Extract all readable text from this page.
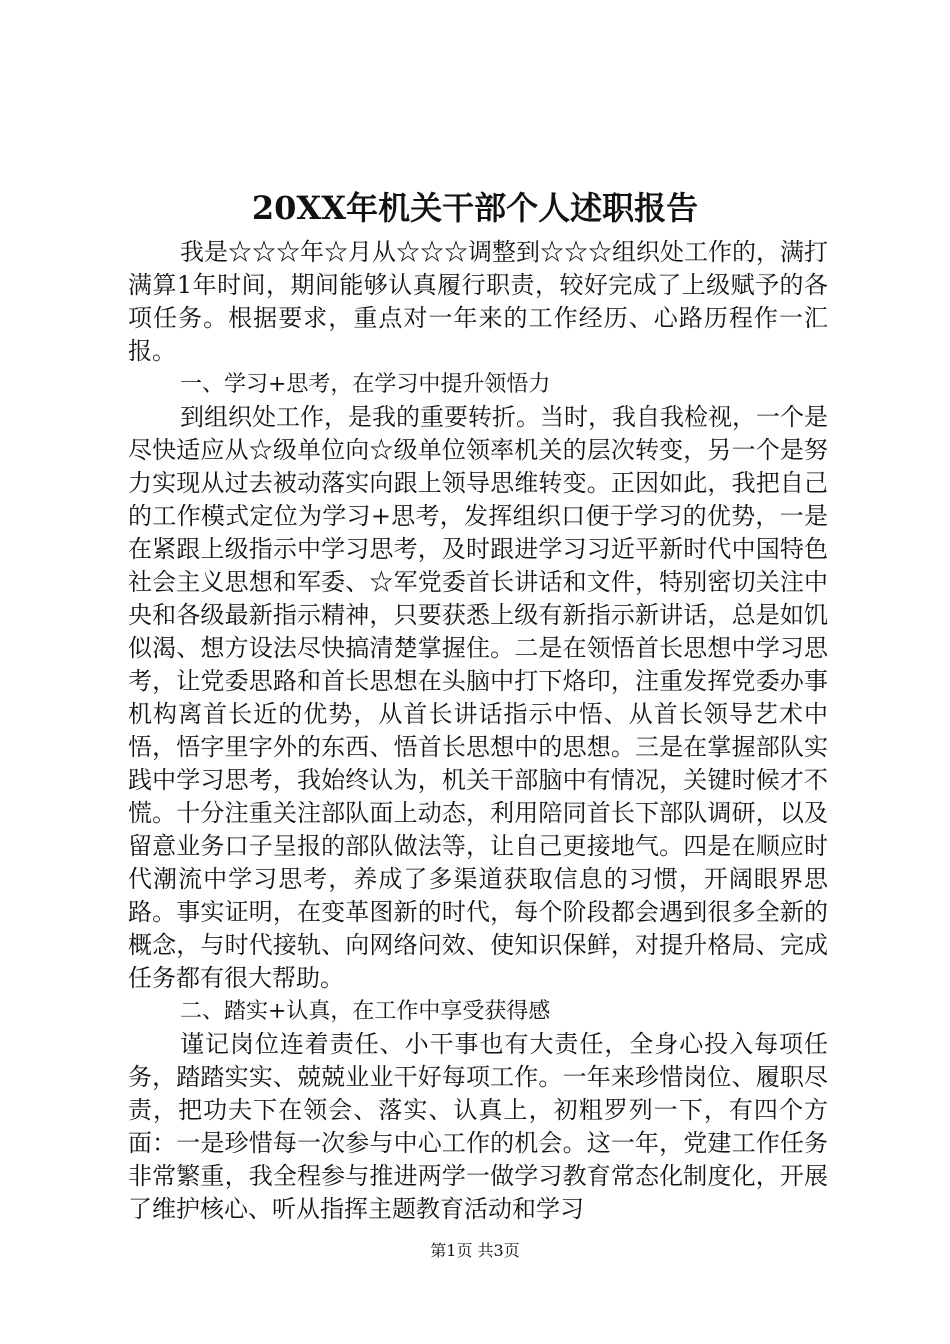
20XX年机关干部个人述职报告

我是☆☆☆年☆月从☆☆☆调整到☆☆☆组织处工作的，满打满算1年时间，期间能够认真履行职责，较好完成了上级赋予的各项任务。根据要求，重点对一年来的工作经历、心路历程作一汇报。

一、学习+思考，在学习中提升领悟力

到组织处工作，是我的重要转折。当时，我自我检视，一个是尽快适应从☆级单位向☆级单位领率机关的层次转变，另一个是努力实现从过去被动落实向跟上领导思维转变。正因如此，我把自己的工作模式定位为学习+思考，发挥组织口便于学习的优势，一是在紧跟上级指示中学习思考，及时跟进学习习近平新时代中国特色社会主义思想和军委、☆军党委首长讲话和文件，特别密切关注中央和各级最新指示精神，只要获悉上级有新指示新讲话，总是如饥似渴、想方设法尽快搞清楚掌握住。二是在领悟首长思想中学习思考，让党委思路和首长思想在头脑中打下烙印，注重发挥党委办事机构离首长近的优势，从首长讲话指示中悟、从首长领导艺术中悟，悟字里字外的东西、悟首长思想中的思想。三是在掌握部队实践中学习思考，我始终认为，机关干部脑中有情况，关键时候才不慌。十分注重关注部队面上动态，利用陪同首长下部队调研，以及留意业务口子呈报的部队做法等，让自己更接地气。四是在顺应时代潮流中学习思考，养成了多渠道获取信息的习惯，开阔眼界思路。事实证明，在变革图新的时代，每个阶段都会遇到很多全新的概念，与时代接轨、向网络问效、使知识保鲜，对提升格局、完成任务都有很大帮助。

二、踏实+认真，在工作中享受获得感

谨记岗位连着责任、小干事也有大责任，全身心投入每项任务，踏踏实实、兢兢业业干好每项工作。一年来珍惜岗位、履职尽责，把功夫下在领会、落实、认真上，初粗罗列一下，有四个方面：一是珍惜每一次参与中心工作的机会。这一年，党建工作任务非常繁重，我全程参与推进两学一做学习教育常态化制度化，开展了维护核心、听从指挥主题教育活动和学习

第1页 共3页
